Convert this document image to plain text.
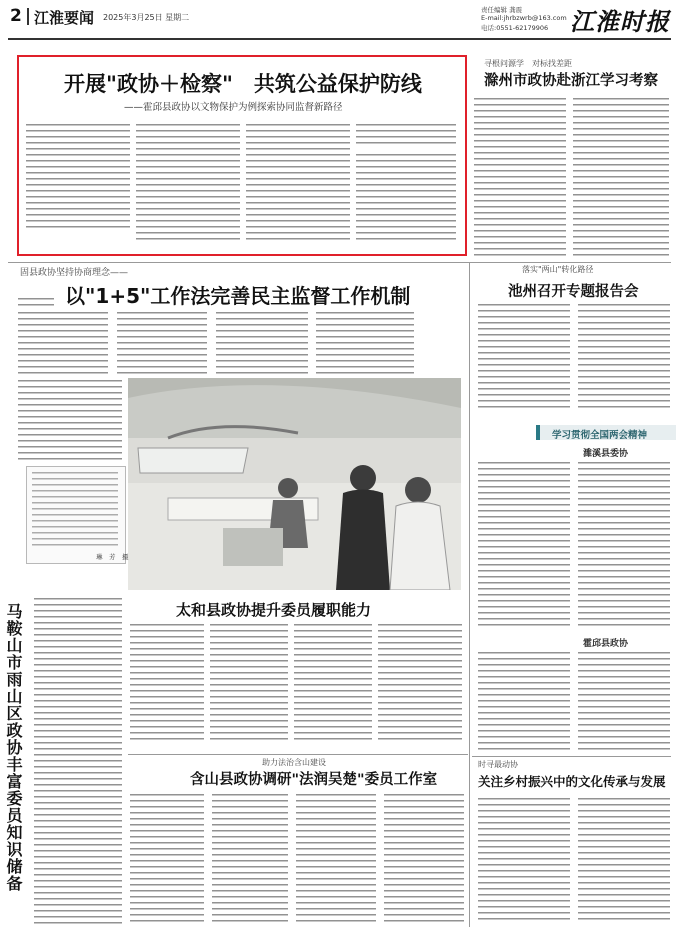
2 江淮要闻 2025年3月25日 星期二
责任编辑 龚震
E-mail:jhrbzwrb@163.com
电话:0551-62179906 江淮时报
开展"政协＋检察"　共筑公益保护防线
——霍邱县政协以文物保护为例探索协同监督新路径
寻根问源学　对标找差距
滁州市政协赴浙江学习考察
固县政协坚持协商理念——
以"1+5"工作法完善民主监督工作机制
落实"两山"转化路径
池州召开专题报告会
学习贯彻全国两会精神
濉溪县委协
霍邱县政协
琳　芳　摄
马鞍山市雨山区政协丰富委员知识储备	太和县政协提升委员履职能力
助力法治含山建设
含山县政协调研"法润吴楚"委员工作室
时寻最动协
关注乡村振兴中的文化传承与发展
